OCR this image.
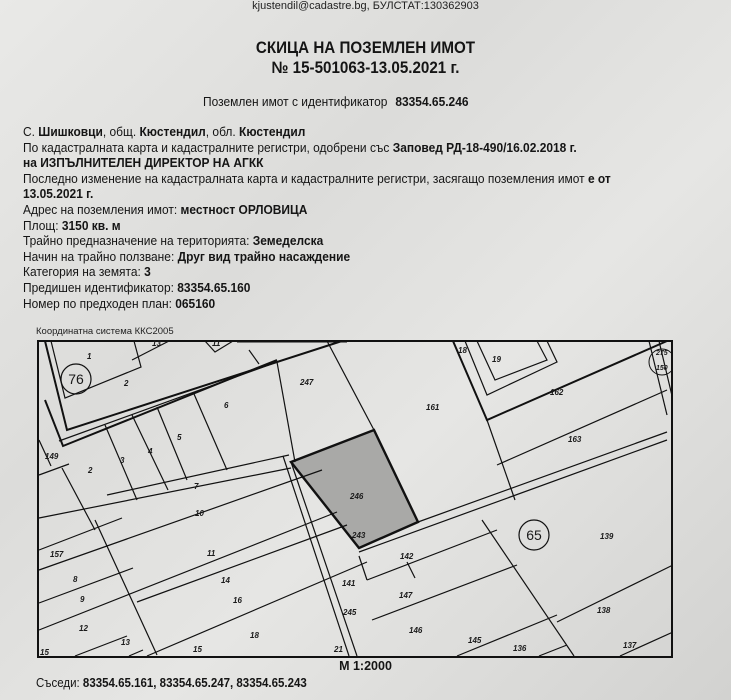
kjustendil@cadastre.bg, БУЛСТАТ:130362903
СКИЦА НА ПОЗЕМЛЕН ИМОТ
№ 15-501063-13.05.2021 г.
Поземлен имот с идентификатор 83354.65.246
С. Шишковци, общ. Кюстендил, обл. Кюстендил
По кадастралната карта и кадастралните регистри, одобрени със Заповед РД-18-490/16.02.2018 г.
на ИЗПЪЛНИТЕЛЕН ДИРЕКТОР НА АГКК
Последно изменение на кадастралната карта и кадастралните регистри, засягащо поземления имот е от
13.05.2021 г.
Адрес на поземления имот: местност ОРЛОВИЦА
Площ: 3150 кв. м
Трайно предназначение на територията: Земеделска
Начин на трайно ползване: Друг вид трайно насаждение
Категория на земята: 3
Предишен идентификатор: 83354.65.160
Номер по предходен план: 065160
Координатна система ККС2005
76
65
1
2
13	11
247
18
19
161
162
163
275
150
6
5
4
3
2
149
7
10
157	11
8	14
9	16
12
18
13
15	15	21
246
243
142
141
147
245
146
145
136
139
138
137
М 1:2000
Съседи: 83354.65.161, 83354.65.247, 83354.65.243
